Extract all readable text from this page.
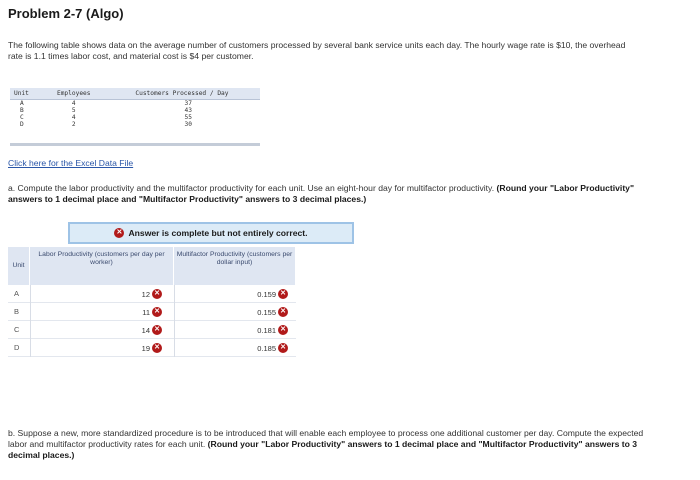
Problem 2-7 (Algo)
The following table shows data on the average number of customers processed by several bank service units each day. The hourly wage rate is $10, the overhead rate is 1.1 times labor cost, and material cost is $4 per customer.
Unit	Employees	Customers Processed / Day
A	4	37
B	5	43
C	4	55
D	2	30
Click here for the Excel Data File
a. Compute the labor productivity and the multifactor productivity for each unit. Use an eight-hour day for multifactor productivity. (Round your "Labor Productivity" answers to 1 decimal place and "Multifactor Productivity" answers to 3 decimal places.)
✕ Answer is complete but not entirely correct.
Unit
Labor Productivity (customers per day per worker)
Multifactor Productivity (customers per dollar input)
A	12 ✕	0.159 ✕
B	11 ✕	0.155 ✕
C	14 ✕	0.181 ✕
D	19 ✕	0.185 ✕
b. Suppose a new, more standardized procedure is to be introduced that will enable each employee to process one additional customer per day. Compute the expected labor and multifactor productivity rates for each unit. (Round your "Labor Productivity" answers to 1 decimal place and "Multifactor Productivity" answers to 3 decimal places.)
